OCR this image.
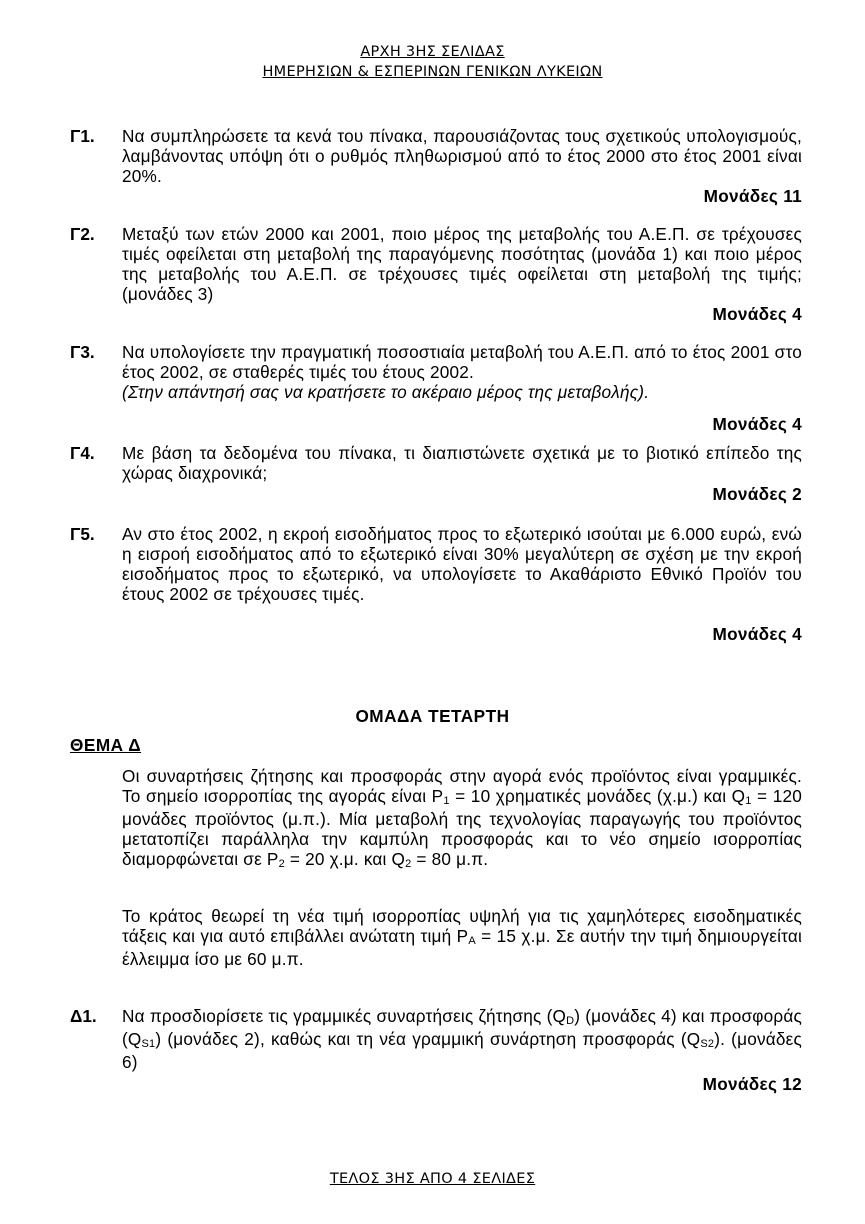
ΑΡΧΗ 3ΗΣ ΣΕΛΙΔΑΣ
ΗΜΕΡΗΣΙΩΝ & ΕΣΠΕΡΙΝΩΝ ΓΕΝΙΚΩΝ ΛΥΚΕΙΩΝ
Γ1. Να συμπληρώσετε τα κενά του πίνακα, παρουσιάζοντας τους σχετικούς υπολογισμούς, λαμβάνοντας υπόψη ότι ο ρυθμός πληθωρισμού από το έτος 2000 στο έτος 2001 είναι 20%.
Μονάδες 11
Γ2. Μεταξύ των ετών 2000 και 2001, ποιο μέρος της μεταβολής του Α.Ε.Π. σε τρέχουσες τιμές οφείλεται στη μεταβολή της παραγόμενης ποσότητας (μονάδα 1) και ποιο μέρος της μεταβολής του Α.Ε.Π. σε τρέχουσες τιμές οφείλεται στη μεταβολή της τιμής; (μονάδες 3)
Μονάδες 4
Γ3. Να υπολογίσετε την πραγματική ποσοστιαία μεταβολή του Α.Ε.Π. από το έτος 2001 στο έτος 2002, σε σταθερές τιμές του έτους 2002.
(Στην απάντησή σας να κρατήσετε το ακέραιο μέρος της μεταβολής).
Μονάδες 4
Γ4. Με βάση τα δεδομένα του πίνακα, τι διαπιστώνετε σχετικά με το βιοτικό επίπεδο της χώρας διαχρονικά;
Μονάδες 2
Γ5. Αν στο έτος 2002, η εκροή εισοδήματος προς το εξωτερικό ισούται με 6.000 ευρώ, ενώ η εισροή εισοδήματος από το εξωτερικό είναι 30% μεγαλύτερη σε σχέση με την εκροή εισοδήματος προς το εξωτερικό, να υπολογίσετε το Ακαθάριστο Εθνικό Προϊόν του έτους 2002 σε τρέχουσες τιμές.
Μονάδες 4
ΟΜΑΔΑ ΤΕΤΑΡΤΗ
ΘΕΜΑ Δ
Οι συναρτήσεις ζήτησης και προσφοράς στην αγορά ενός προϊόντος είναι γραμμικές. Το σημείο ισορροπίας της αγοράς είναι $P_1 = 10$ χρηματικές μονάδες (χ.μ.) και $Q_1 = 120$ μονάδες προϊόντος (μ.π.). Μία μεταβολή της τεχνολογίας παραγωγής του προϊόντος μετατοπίζει παράλληλα την καμπύλη προσφοράς και το νέο σημείο ισορροπίας διαμορφώνεται σε $P_2 = 20$ χ.μ. και $Q_2 = 80$ μ.π.
Το κράτος θεωρεί τη νέα τιμή ισορροπίας υψηλή για τις χαμηλότερες εισοδηματικές τάξεις και για αυτό επιβάλλει ανώτατη τιμή $P_A = 15$ χ.μ. Σε αυτήν την τιμή δημιουργείται έλλειμμα ίσο με 60 μ.π.
Δ1. Να προσδιορίσετε τις γραμμικές συναρτήσεις ζήτησης $(Q_D)$ (μονάδες 4) και προσφοράς $(Q_{S1})$ (μονάδες 2), καθώς και τη νέα γραμμική συνάρτηση προσφοράς $(Q_{S2})$. (μονάδες 6)
Μονάδες 12
ΤΕΛΟΣ 3ΗΣ ΑΠΟ 4 ΣΕΛΙΔΕΣ
